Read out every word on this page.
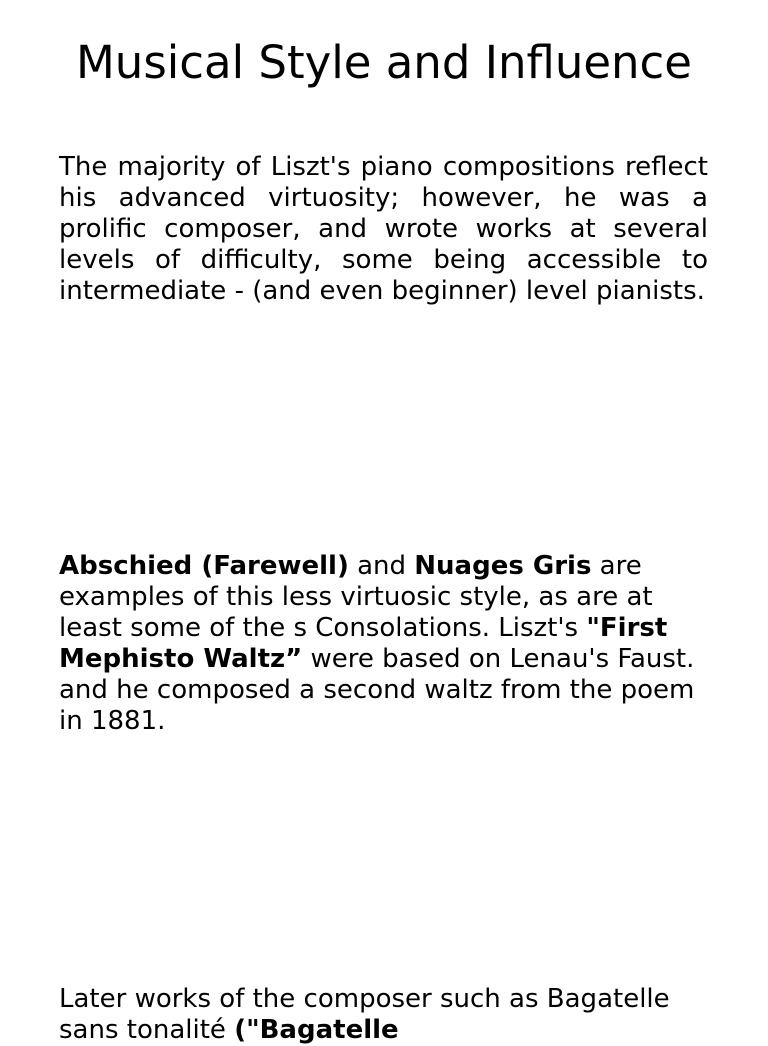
Musical Style and Influence

The majority of Liszt's piano compositions reflect his advanced virtuosity; however, he was a prolific composer, and wrote works at several levels of difficulty, some being accessible to intermediate - (and even beginner) level pianists.

Abschied (Farewell) and Nuages Gris are examples of this less virtuosic style, as are at least some of the s Consolations. Liszt's "First Mephisto Waltz” were based on Lenau's Faust. and he composed a second waltz from the poem in 1881.

Later works of the composer such as Bagatelle sans tonalité ("Bagatelle
